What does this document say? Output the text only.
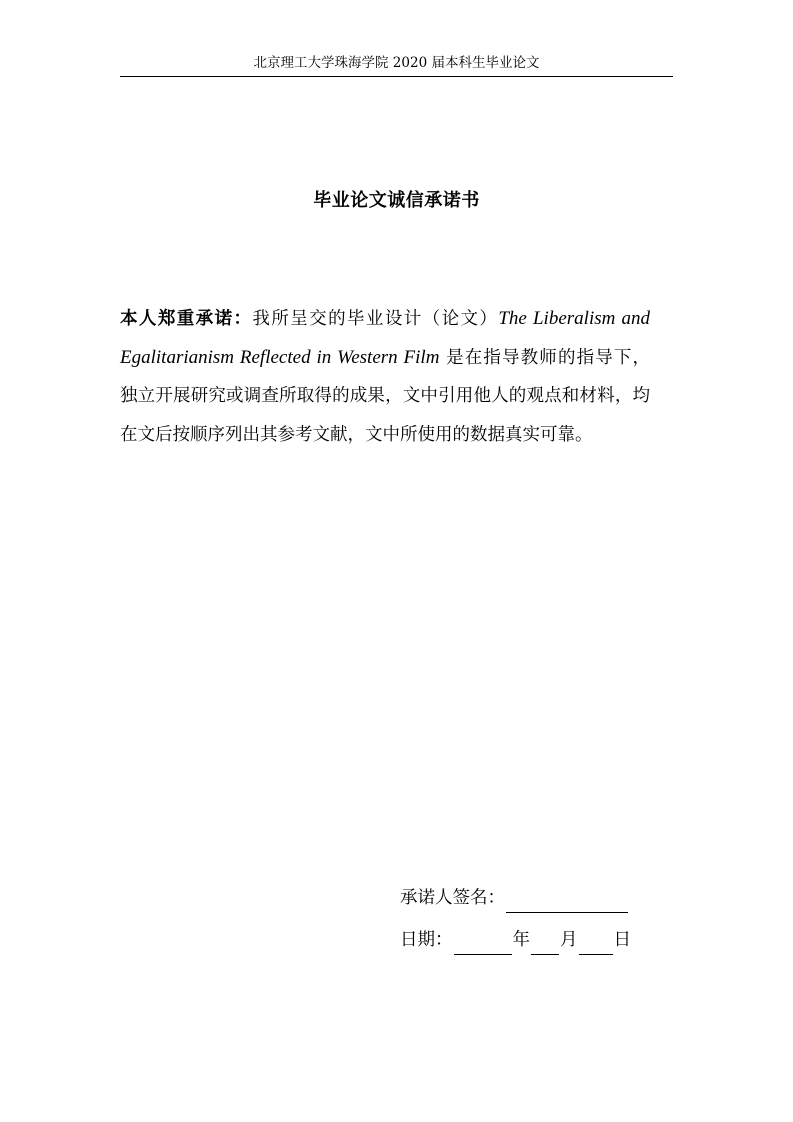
北京理工大学珠海学院 2020 届本科生毕业论文
毕业论文诚信承诺书
本人郑重承诺：我所呈交的毕业设计（论文）The Liberalism and Egalitarianism Reflected in Western Film 是在指导教师的指导下，独立开展研究或调查所取得的成果，文中引用他人的观点和材料，均在文后按顺序列出其参考文献，文中所使用的数据真实可靠。
承诺人签名：
日期：	年 月 日
